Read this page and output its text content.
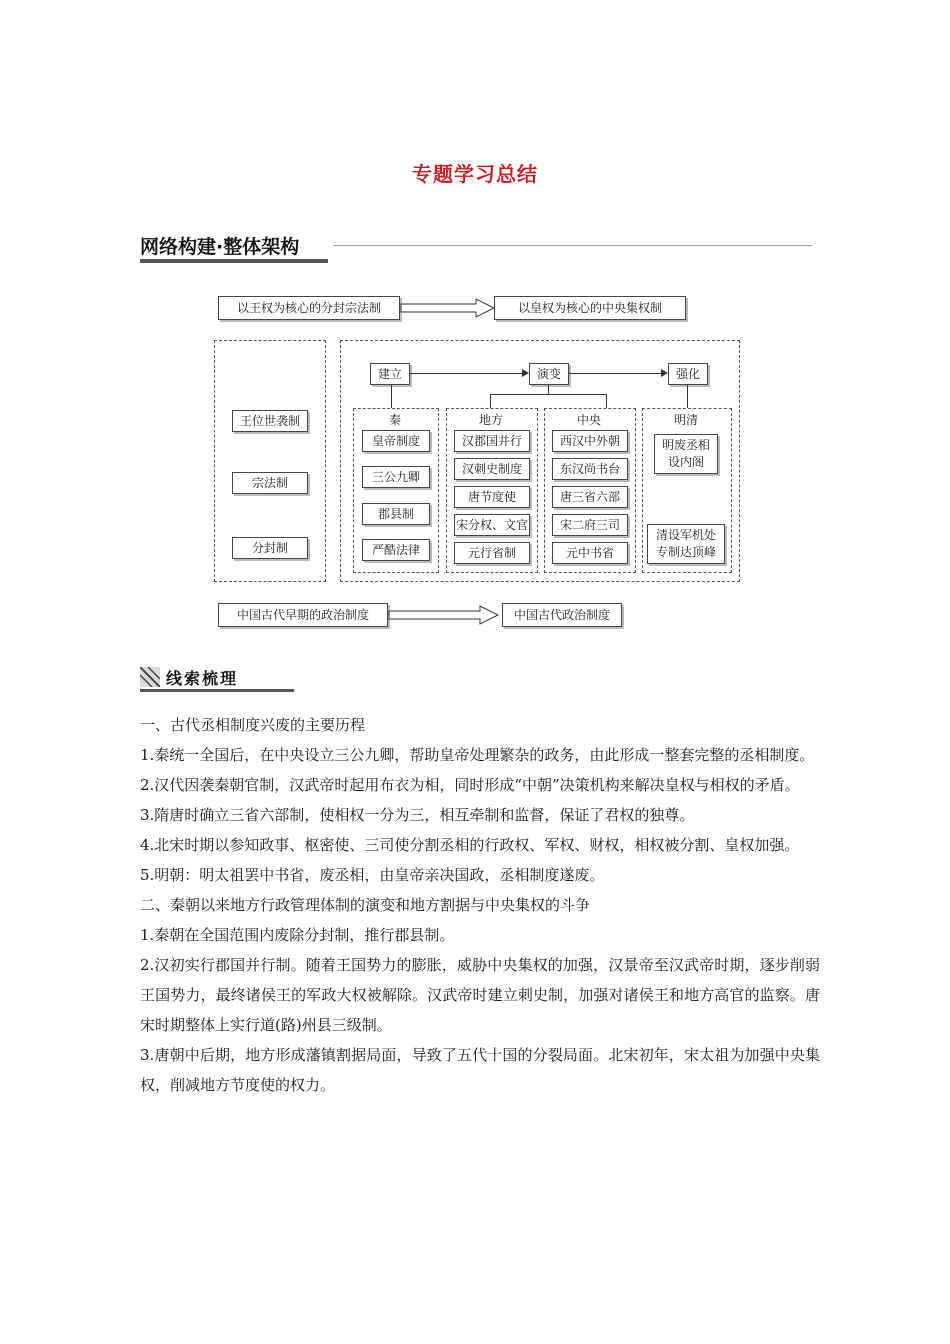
专题学习总结
网络构建·整体架构
以王权为核心的分封宗法制	以皇权为核心的中央集权制
王位世袭制
宗法制
分封制
建立	演变	强化
秦
皇帝制度
三公九卿
郡县制
严酷法律
地方
汉郡国并行
汉刺史制度
唐节度使
宋分权、文官
元行省制
中央
西汉中外朝
东汉尚书台
唐三省六部
宋二府三司
元中书省
明清
明废丞相设内阁
清设军机处专制达顶峰
中国古代早期的政治制度	中国古代政治制度
线索梳理

一、古代丞相制度兴废的主要历程

1.秦统一全国后，在中央设立三公九卿，帮助皇帝处理繁杂的政务，由此形成一整套完整的丞相制度。

2.汉代因袭秦朝官制，汉武帝时起用布衣为相，同时形成“中朝”决策机构来解决皇权与相权的矛盾。

3.隋唐时确立三省六部制，使相权一分为三，相互牵制和监督，保证了君权的独尊。

4.北宋时期以参知政事、枢密使、三司使分割丞相的行政权、军权、财权，相权被分割、皇权加强。

5.明朝：明太祖罢中书省，废丞相，由皇帝亲决国政，丞相制度遂废。

二、秦朝以来地方行政管理体制的演变和地方割据与中央集权的斗争

1.秦朝在全国范围内废除分封制，推行郡县制。

2.汉初实行郡国并行制。随着王国势力的膨胀，威胁中央集权的加强，汉景帝至汉武帝时期，逐步削弱王国势力，最终诸侯王的军政大权被解除。汉武帝时建立刺史制，加强对诸侯王和地方高官的监察。唐宋时期整体上实行道(路)州县三级制。

3.唐朝中后期，地方形成藩镇割据局面，导致了五代十国的分裂局面。北宋初年，宋太祖为加强中央集权，削减地方节度使的权力。
